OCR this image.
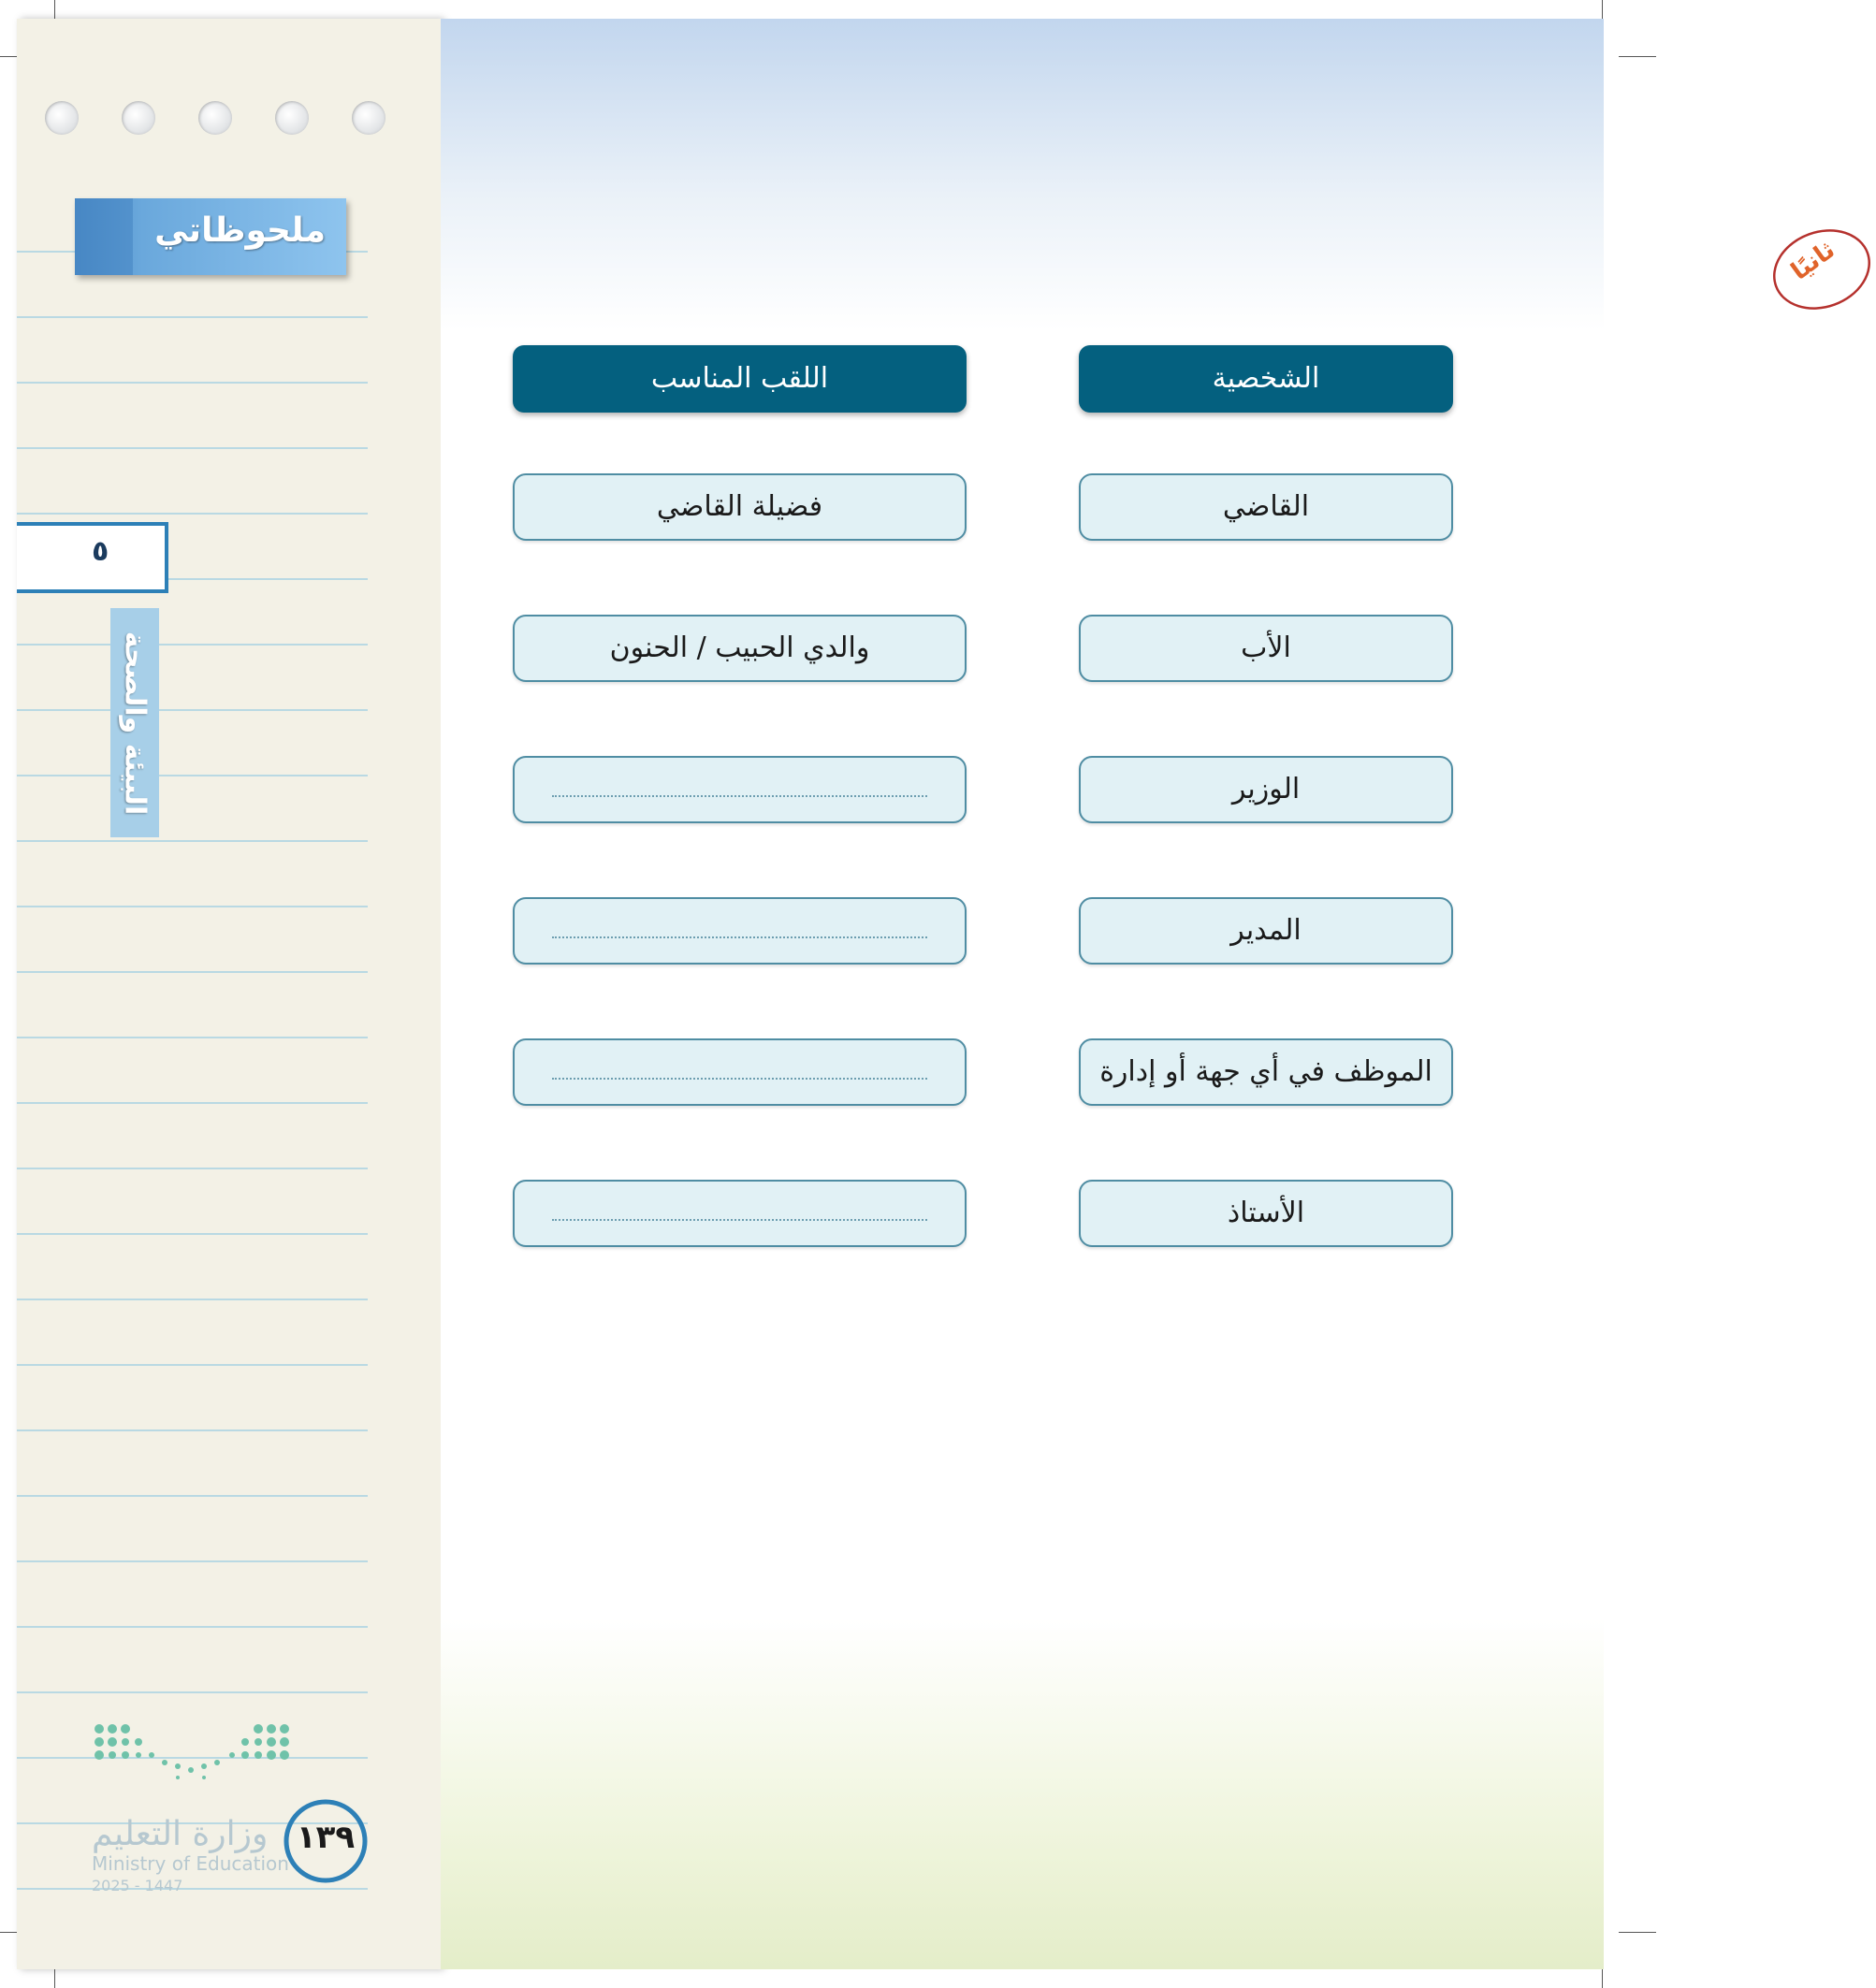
ملحوظاتي
٥
البيئة والصحة
وزارة التعليم
Ministry of Education
2025 - 1447
١٣٩
ثانيًا
الشخصية
اللقب المناسب
القاضي
فضيلة القاضي
الأب
والدي الحبيب / الحنون
الوزير
المدير
الموظف في أي جهة أو إدارة
الأستاذ
